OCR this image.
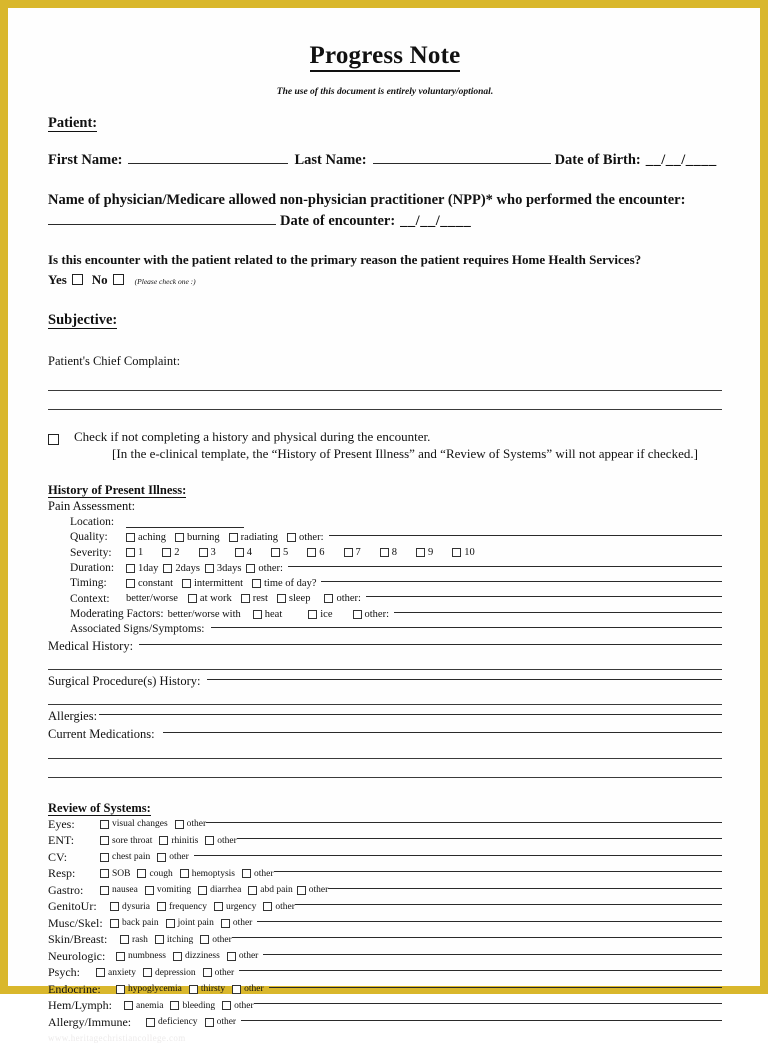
Progress Note
The use of this document is entirely voluntary/optional.
Patient:
First Name:	Last Name:	Date of Birth: __/__/____
Name of physician/Medicare allowed non-physician practitioner (NPP)* who performed the encounter:
Date of encounter: __/__/____
Is this encounter with the patient related to the primary reason the patient requires Home Health Services?
Yes No	(Please check one :)
Subjective:
Patient's Chief Complaint:
Check if not completing a history and physical during the encounter.
[In the e-clinical template, the “History of Present Illness” and “Review of Systems” will not appear if checked.]
History of Present Illness:
Pain Assessment:
Location:
Quality:	aching burning radiating other:
Severity:	1	2	3	4	5	6	7	8	9	10
Duration:	1day 2days 3days other:
Timing:	constant intermittent time of day?
Context:	better/worse at work rest sleep other:
Moderating Factors: better/worse with heat	ice	other:
Associated Signs/Symptoms:
Medical History:
Surgical Procedure(s) History:
Allergies:
Current Medications:
Review of Systems:
Eyes:	visual changes other
ENT:	sore throat rhinitis other
CV:	chest pain other
Resp:	SOB cough hemoptysis other
Gastro:	nausea vomiting diarrhea abd pain other
GenitoUr:	dysuria frequency urgency other
Musc/Skel:	back pain joint pain other
Skin/Breast:	rash itching other
Neurologic:	numbness dizziness other
Psych:	anxiety depression other
Endocrine:	hypoglycemia thirsty other
Hem/Lymph:	anemia bleeding other
Allergy/Immune:	deficiency other
www.heritagechristiancollege.com
